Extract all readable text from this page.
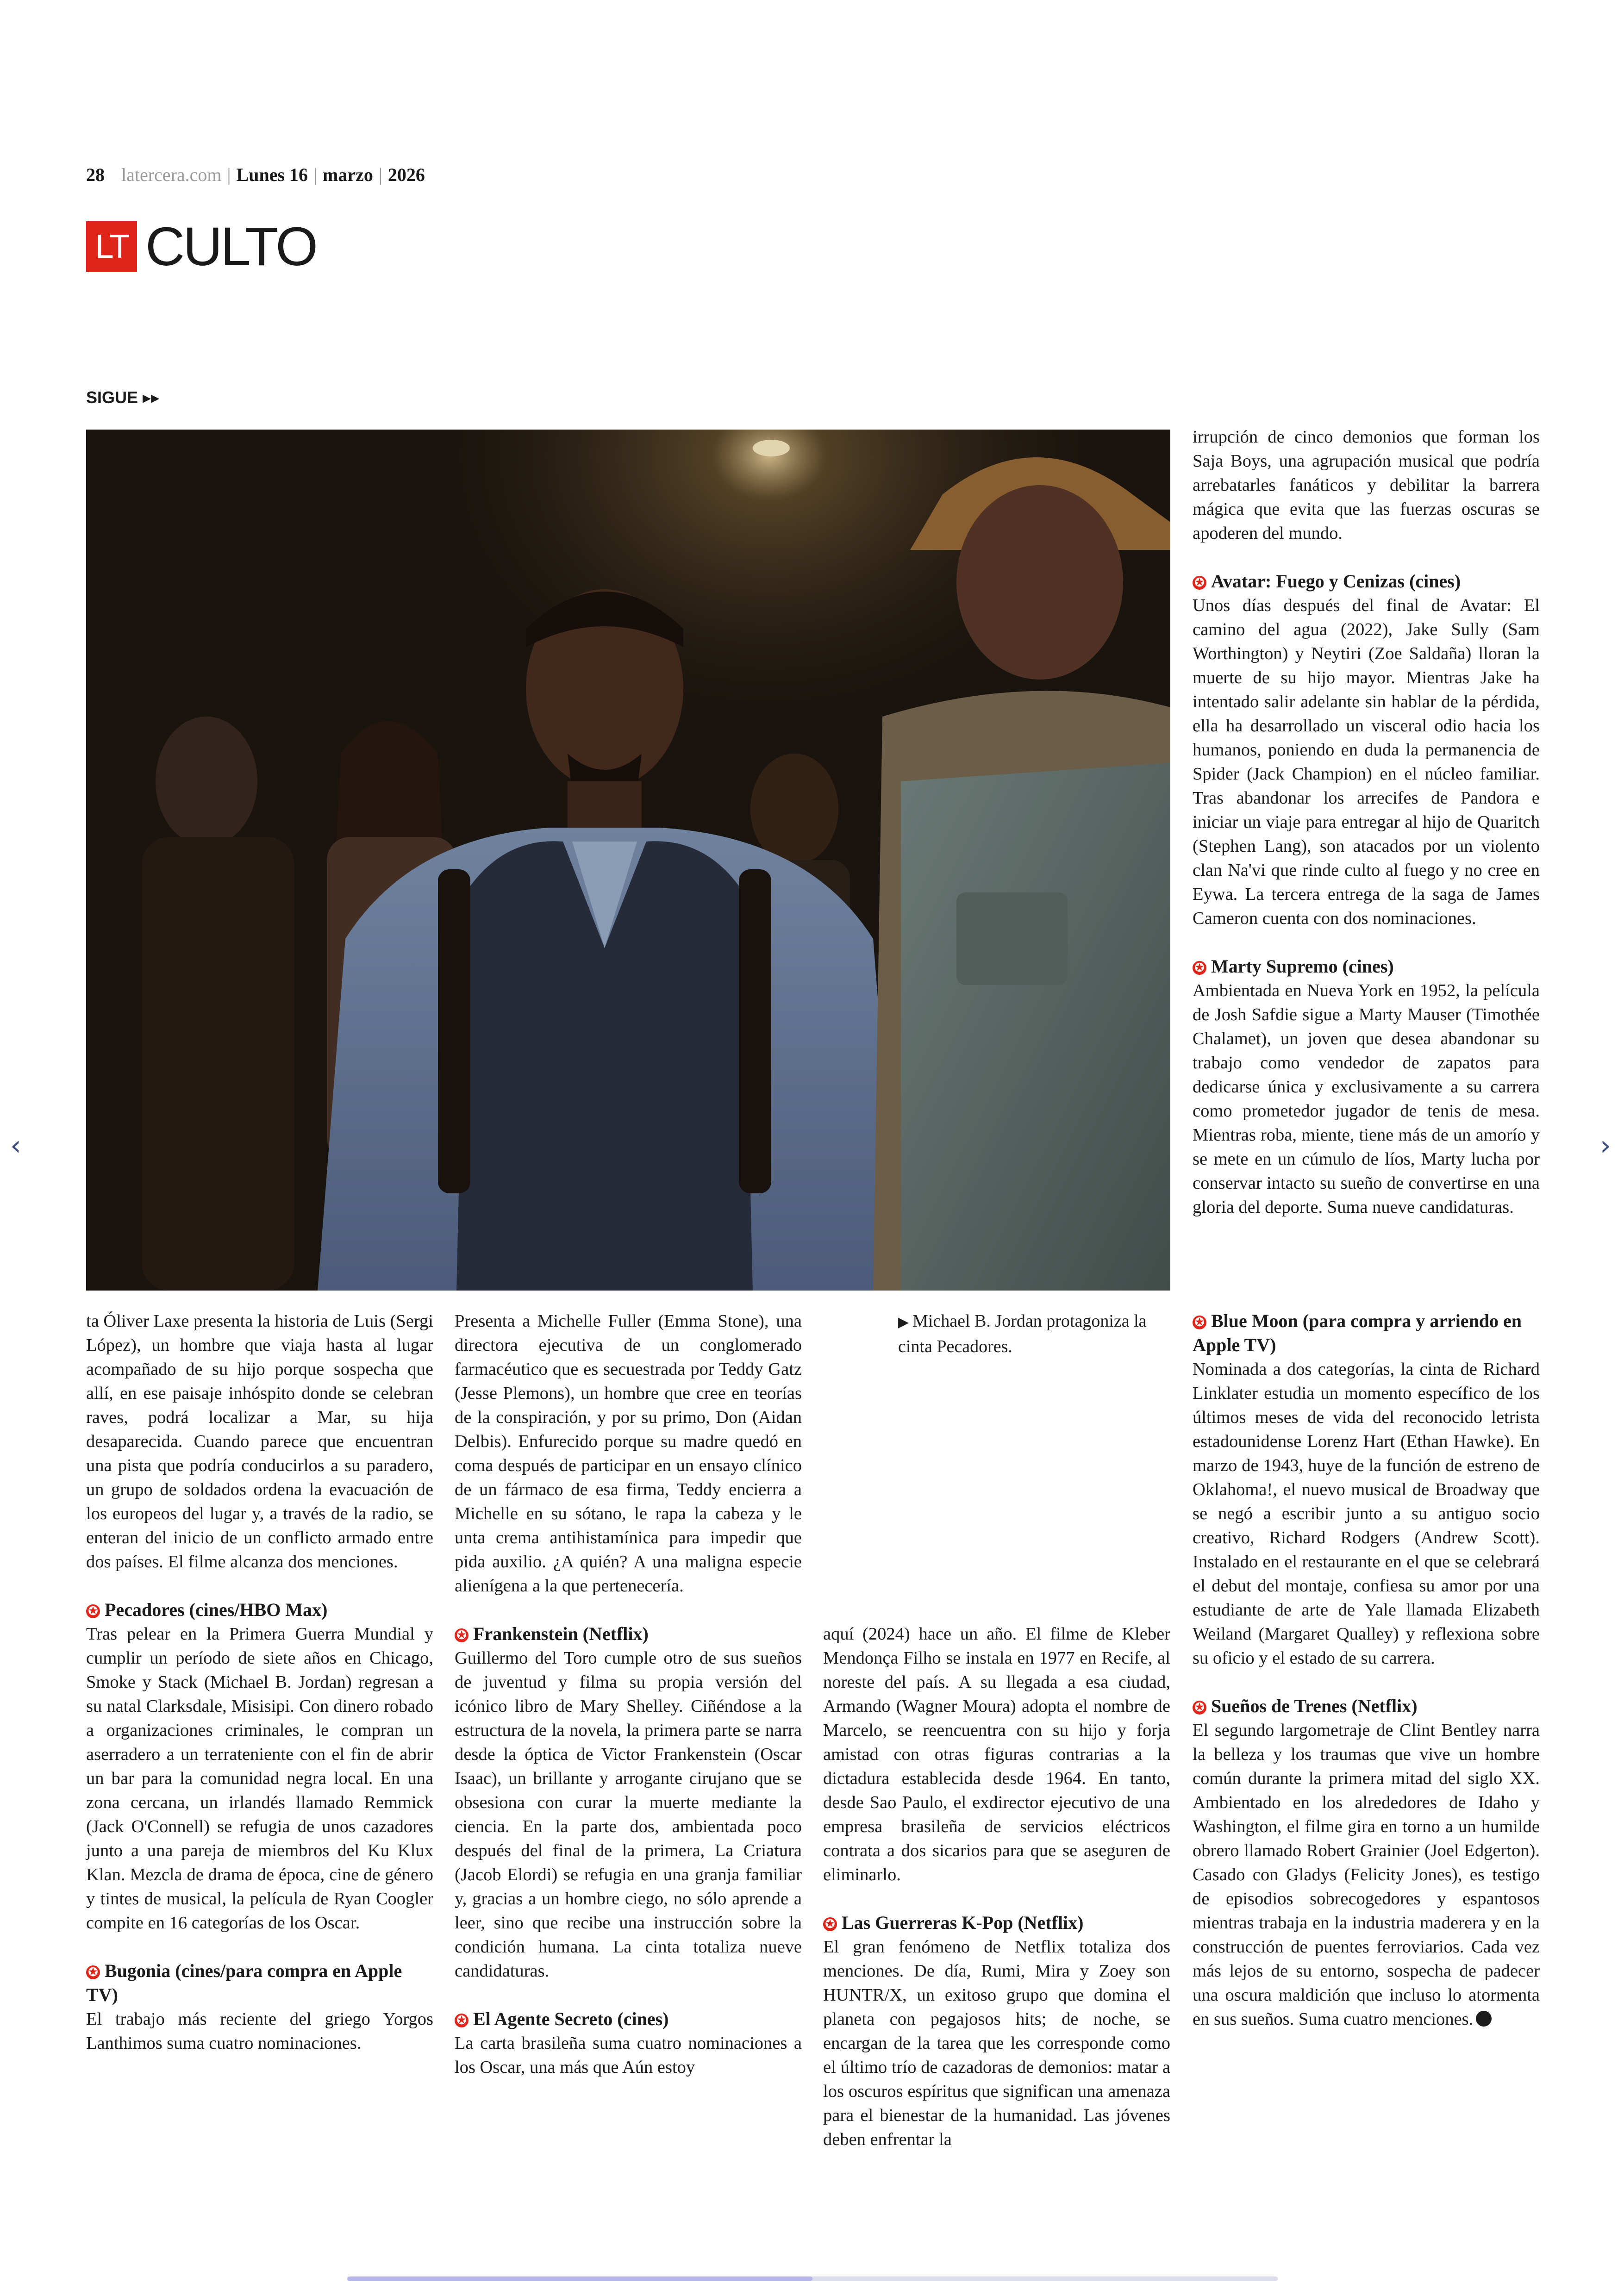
28 latercera.com | Lunes 16 | marzo | 2026
LT CULTO
SIGUE ▸▸

ta Óliver Laxe presenta la historia de Luis (Sergi López), un hombre que viaja hasta al lugar acompañado de su hijo porque sospecha que allí, en ese paisaje inhóspito donde se celebran raves, podrá localizar a Mar, su hija desaparecida. Cuando parece que encuentran una pista que podría conducirlos a su paradero, un grupo de soldados ordena la evacuación de los europeos del lugar y, a través de la radio, se enteran del inicio de un conflicto armado entre dos países. El filme alcanza dos menciones.

✪ Pecadores (cines/HBO Max)

Tras pelear en la Primera Guerra Mundial y cumplir un período de siete años en Chicago, Smoke y Stack (Michael B. Jordan) regresan a su natal Clarksdale, Misisipi. Con dinero robado a organizaciones criminales, le compran un aserradero a un terrateniente con el fin de abrir un bar para la comunidad negra local. En una zona cercana, un irlandés llamado Remmick (Jack O'Connell) se refugia de unos cazadores junto a una pareja de miembros del Ku Klux Klan. Mezcla de drama de época, cine de género y tintes de musical, la película de Ryan Coogler compite en 16 categorías de los Oscar.

✪ Bugonia (cines/para compra en Apple TV)

El trabajo más reciente del griego Yorgos Lanthimos suma cuatro nominaciones.

Presenta a Michelle Fuller (Emma Stone), una directora ejecutiva de un conglomerado farmacéutico que es secuestrada por Teddy Gatz (Jesse Plemons), un hombre que cree en teorías de la conspiración, y por su primo, Don (Aidan Delbis). Enfurecido porque su madre quedó en coma después de participar en un ensayo clínico de un fármaco de esa firma, Teddy encierra a Michelle en su sótano, le rapa la cabeza y le unta crema antihistamínica para impedir que pida auxilio. ¿A quién? A una maligna especie alienígena a la que pertenecería.

✪ Frankenstein (Netflix)

Guillermo del Toro cumple otro de sus sueños de juventud y filma su propia versión del icónico libro de Mary Shelley. Ciñéndose a la estructura de la novela, la primera parte se narra desde la óptica de Victor Frankenstein (Oscar Isaac), un brillante y arrogante cirujano que se obsesiona con curar la muerte mediante la ciencia. En la parte dos, ambientada poco después del final de la primera, La Criatura (Jacob Elordi) se refugia en una granja familiar y, gracias a un hombre ciego, no sólo aprende a leer, sino que recibe una instrucción sobre la condición humana. La cinta totaliza nueve candidaturas.

✪ El Agente Secreto (cines)

La carta brasileña suma cuatro nominaciones a los Oscar, una más que Aún estoy

▶ Michael B. Jordan protagoniza la cinta Pecadores.

aquí (2024) hace un año. El filme de Kleber Mendonça Filho se instala en 1977 en Recife, al noreste del país. A su llegada a esa ciudad, Armando (Wagner Moura) adopta el nombre de Marcelo, se reencuentra con su hijo y forja amistad con otras figuras contrarias a la dictadura establecida desde 1964. En tanto, desde Sao Paulo, el exdirector ejecutivo de una empresa brasileña de servicios eléctricos contrata a dos sicarios para que se aseguren de eliminarlo.

✪ Las Guerreras K-Pop (Netflix)

El gran fenómeno de Netflix totaliza dos menciones. De día, Rumi, Mira y Zoey son HUNTR/X, un exitoso grupo que domina el planeta con pegajosos hits; de noche, se encargan de la tarea que les corresponde como el último trío de cazadoras de demonios: matar a los oscuros espíritus que significan una amenaza para el bienestar de la humanidad. Las jóvenes deben enfrentar la

irrupción de cinco demonios que forman los Saja Boys, una agrupación musical que podría arrebatarles fanáticos y debilitar la barrera mágica que evita que las fuerzas oscuras se apoderen del mundo.

✪ Avatar: Fuego y Cenizas (cines)

Unos días después del final de Avatar: El camino del agua (2022), Jake Sully (Sam Worthington) y Neytiri (Zoe Saldaña) lloran la muerte de su hijo mayor. Mientras Jake ha intentado salir adelante sin hablar de la pérdida, ella ha desarrollado un visceral odio hacia los humanos, poniendo en duda la permanencia de Spider (Jack Champion) en el núcleo familiar. Tras abandonar los arrecifes de Pandora e iniciar un viaje para entregar al hijo de Quaritch (Stephen Lang), son atacados por un violento clan Na'vi que rinde culto al fuego y no cree en Eywa. La tercera entrega de la saga de James Cameron cuenta con dos nominaciones.

✪ Marty Supremo (cines)

Ambientada en Nueva York en 1952, la película de Josh Safdie sigue a Marty Mauser (Timothée Chalamet), un joven que desea abandonar su trabajo como vendedor de zapatos para dedicarse única y exclusivamente a su carrera como prometedor jugador de tenis de mesa. Mientras roba, miente, tiene más de un amorío y se mete en un cúmulo de líos, Marty lucha por conservar intacto su sueño de convertirse en una gloria del deporte. Suma nueve candidaturas.

✪ Blue Moon (para compra y arriendo en Apple TV)

Nominada a dos categorías, la cinta de Richard Linklater estudia un momento específico de los últimos meses de vida del reconocido letrista estadounidense Lorenz Hart (Ethan Hawke). En marzo de 1943, huye de la función de estreno de Oklahoma!, el nuevo musical de Broadway que se negó a escribir junto a su antiguo socio creativo, Richard Rodgers (Andrew Scott). Instalado en el restaurante en el que se celebrará el debut del montaje, confiesa su amor por una estudiante de arte de Yale llamada Elizabeth Weiland (Margaret Qualley) y reflexiona sobre su oficio y el estado de su carrera.

✪ Sueños de Trenes (Netflix)

El segundo largometraje de Clint Bentley narra la belleza y los traumas que vive un hombre común durante la primera mitad del siglo XX. Ambientado en los alrededores de Idaho y Washington, el filme gira en torno a un humilde obrero llamado Robert Grainier (Joel Edgerton). Casado con Gladys (Felicity Jones), es testigo de episodios sobrecogedores y espantosos mientras trabaja en la industria maderera y en la construcción de puentes ferroviarios. Cada vez más lejos de su entorno, sospecha de padecer una oscura maldición que incluso lo atormenta en sus sueños. Suma cuatro menciones.

‹	›
